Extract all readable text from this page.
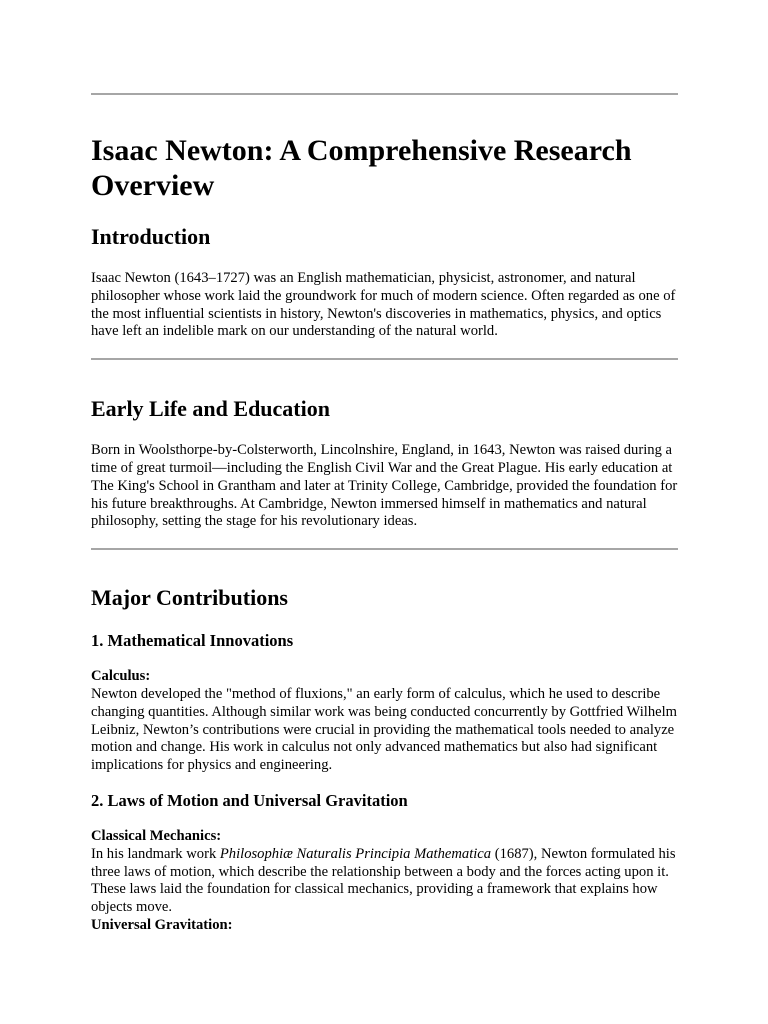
Isaac Newton: A Comprehensive Research Overview
Introduction

Isaac Newton (1643–1727) was an English mathematician, physicist, astronomer, and natural philosopher whose work laid the groundwork for much of modern science. Often regarded as one of the most influential scientists in history, Newton's discoveries in mathematics, physics, and optics have left an indelible mark on our understanding of the natural world.

Early Life and Education

Born in Woolsthorpe-by-Colsterworth, Lincolnshire, England, in 1643, Newton was raised during a time of great turmoil—including the English Civil War and the Great Plague. His early education at The King's School in Grantham and later at Trinity College, Cambridge, provided the foundation for his future breakthroughs. At Cambridge, Newton immersed himself in mathematics and natural philosophy, setting the stage for his revolutionary ideas.

Major Contributions
1. Mathematical Innovations

Calculus:
Newton developed the "method of fluxions," an early form of calculus, which he used to describe changing quantities. Although similar work was being conducted concurrently by Gottfried Wilhelm Leibniz, Newton’s contributions were crucial in providing the mathematical tools needed to analyze motion and change. His work in calculus not only advanced mathematics but also had significant implications for physics and engineering.

2. Laws of Motion and Universal Gravitation

Classical Mechanics:
In his landmark work Philosophiæ Naturalis Principia Mathematica (1687), Newton formulated his three laws of motion, which describe the relationship between a body and the forces acting upon it. These laws laid the foundation for classical mechanics, providing a framework that explains how objects move.
Universal Gravitation:
